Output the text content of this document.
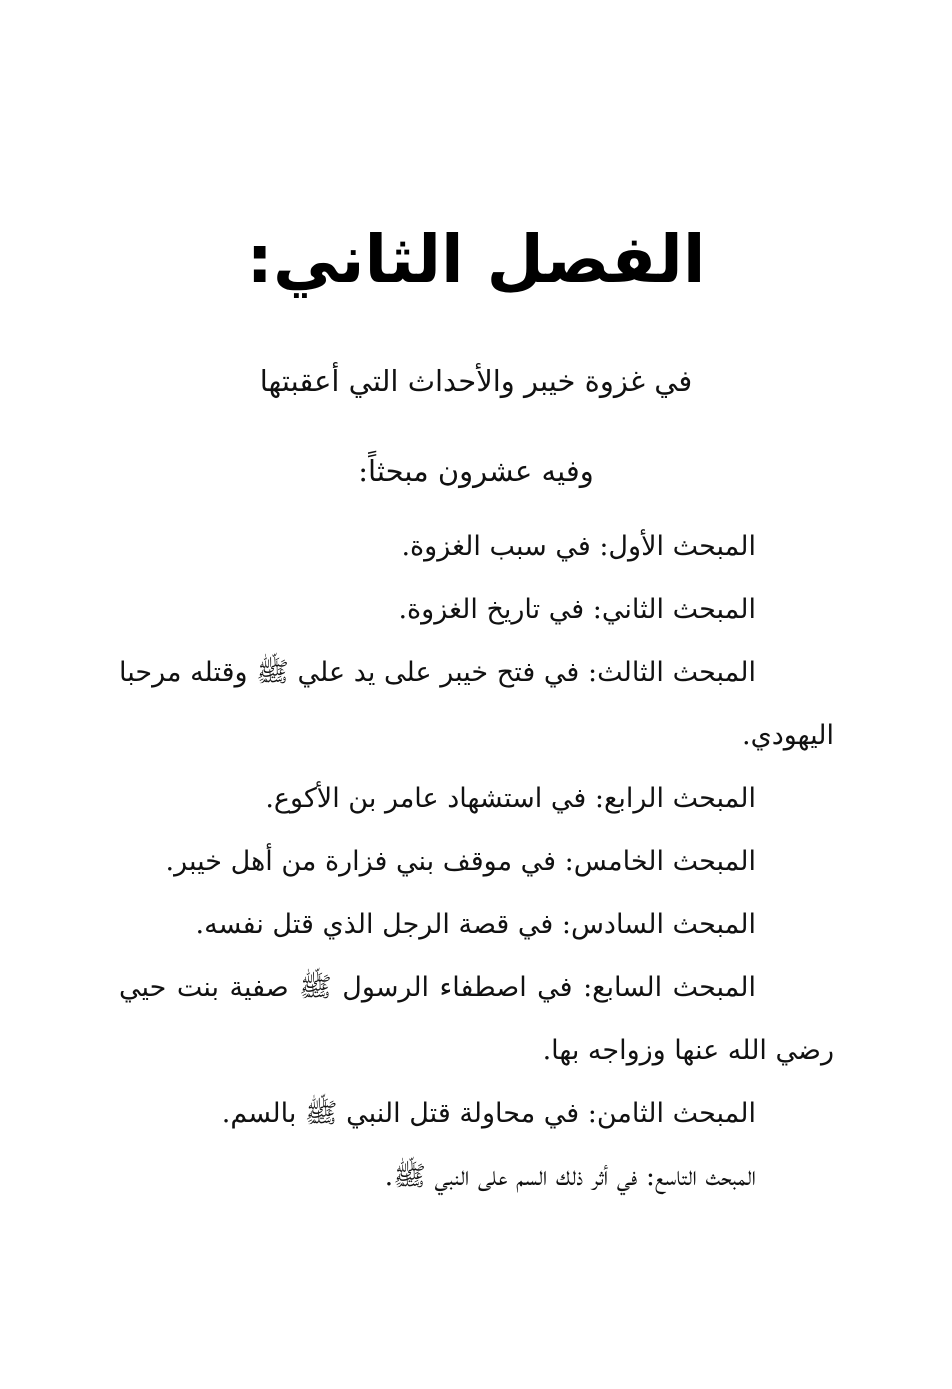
الفصل الثاني:

في غزوة خيبر والأحداث التي أعقبتها

وفيه عشرون مبحثاً:

المبحث الأول: في سبب الغزوة.
المبحث الثاني: في تاريخ الغزوة.
المبحث الثالث: في فتح خيبر على يد علي ﷺ وقتله مرحبا اليهودي.
المبحث الرابع: في استشهاد عامر بن الأكوع.
المبحث الخامس: في موقف بني فزارة من أهل خيبر.
المبحث السادس: في قصة الرجل الذي قتل نفسه.
المبحث السابع: في اصطفاء الرسول ﷺ صفية بنت حيي رضي الله عنها وزواجه بها.
المبحث الثامن: في محاولة قتل النبي ﷺ بالسم.
المبحث التاسع: في أثر ذلك السم على النبي ﷺ.
